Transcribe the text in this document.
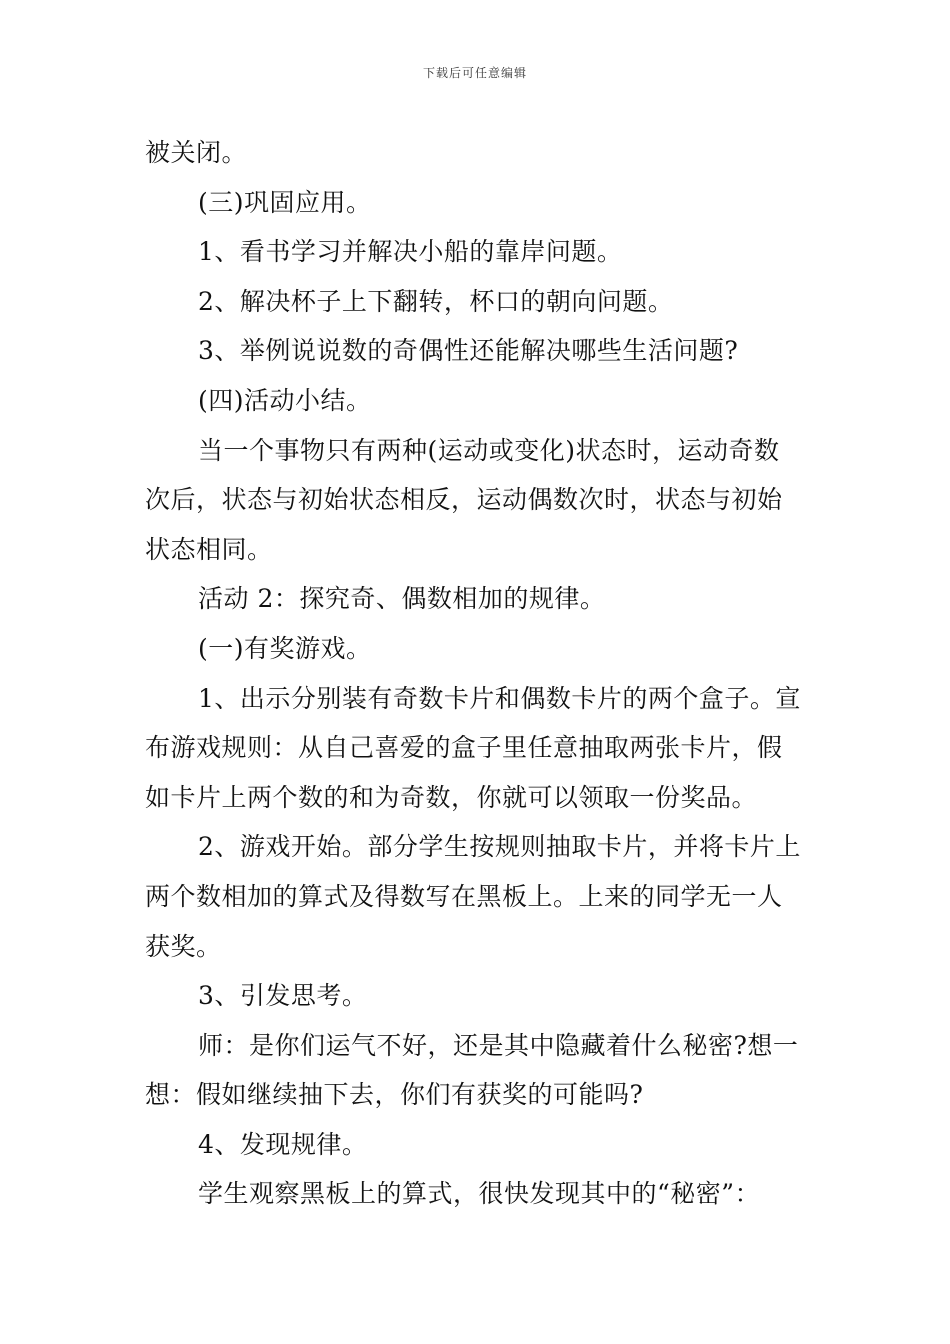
下载后可任意编辑
被关闭。
(三)巩固应用。
1、看书学习并解决小船的靠岸问题。
2、解决杯子上下翻转，杯口的朝向问题。
3、举例说说数的奇偶性还能解决哪些生活问题?
(四)活动小结。
当一个事物只有两种(运动或变化)状态时，运动奇数
次后，状态与初始状态相反，运动偶数次时，状态与初始
状态相同。
活动 2：探究奇、偶数相加的规律。
(一)有奖游戏。
1、出示分别装有奇数卡片和偶数卡片的两个盒子。宣
布游戏规则：从自己喜爱的盒子里任意抽取两张卡片，假
如卡片上两个数的和为奇数，你就可以领取一份奖品。
2、游戏开始。部分学生按规则抽取卡片，并将卡片上
两个数相加的算式及得数写在黑板上。上来的同学无一人
获奖。
3、引发思考。
师：是你们运气不好，还是其中隐藏着什么秘密?想一
想：假如继续抽下去，你们有获奖的可能吗?
4、发现规律。
学生观察黑板上的算式，很快发现其中的“秘密”：
